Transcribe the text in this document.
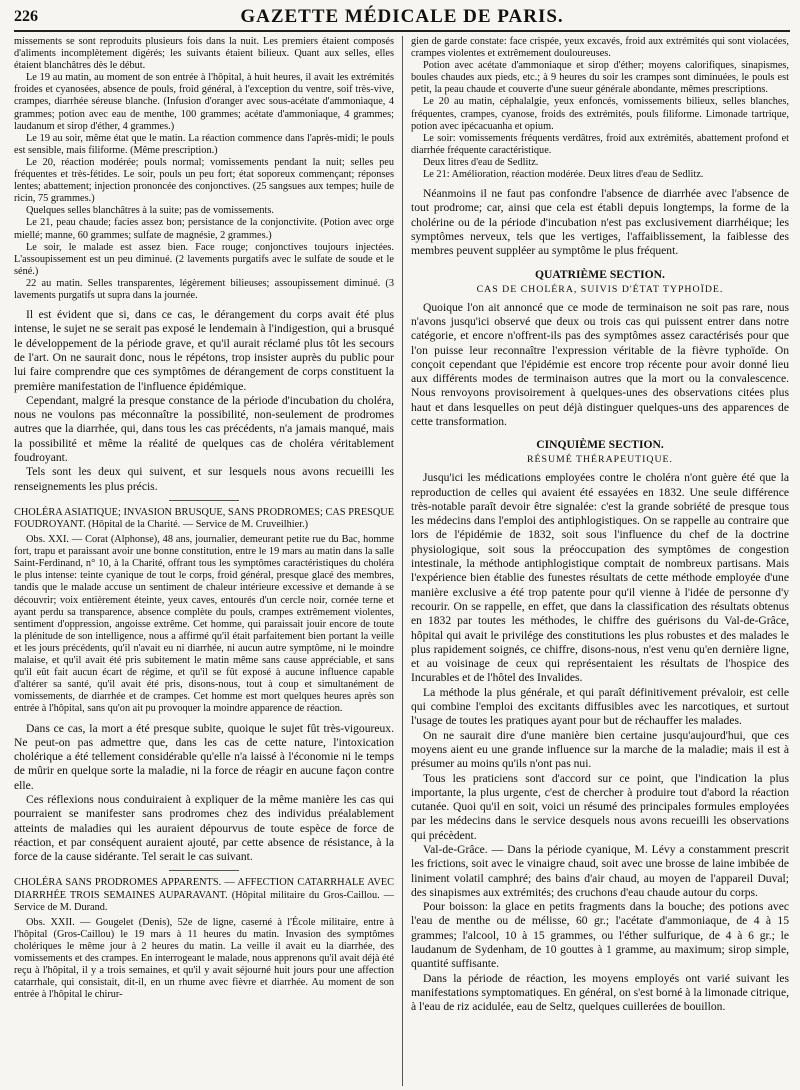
GAZETTE MÉDICALE DE PARIS.
226

missements se sont reproduits plusieurs fois dans la nuit. Les premiers étaient composés d'aliments incomplètement digérés; les suivants étaient bilieux. Quant aux selles, elles étaient blanchâtres dès le début.

Le 19 au matin, au moment de son entrée à l'hôpital, à huit heures, il avait les extrémités froides et cyanosées, absence de pouls, froid général, à l'exception du ventre, soif très-vive, crampes, diarrhée séreuse blanche. (Infusion d'oranger avec sous-acétate d'ammoniaque, 4 grammes; potion avec eau de menthe, 100 grammes; acétate d'ammoniaque, 4 grammes; laudanum et sirop d'éther, 4 grammes.)

Le 19 au soir, même état que le matin. La réaction commence dans l'après-midi; le pouls est sensible, mais filiforme. (Même prescription.)

Le 20, réaction modérée; pouls normal; vomissements pendant la nuit; selles peu fréquentes et très-fétides. Le soir, pouls un peu fort; état soporeux commençant; réponses lentes; abattement; injection prononcée des conjonctives. (25 sangsues aux tempes; huile de ricin, 75 grammes.)

Quelques selles blanchâtres à la suite; pas de vomissements.

Le 21, peau chaude; facies assez bon; persistance de la conjonctivite. (Potion avec orge miellé; manne, 60 grammes; sulfate de magnésie, 2 grammes.)

Le soir, le malade est assez bien. Face rouge; conjonctives toujours injectées. L'assoupissement est un peu diminué. (2 lavements purgatifs avec le sulfate de soude et le séné.)

22 au matin. Selles transparentes, légèrement bilieuses; assoupissement diminué. (3 lavements purgatifs ut supra dans la journée.

Il est évident que si, dans ce cas, le dérangement du corps avait été plus intense, le sujet ne se serait pas exposé le lendemain à l'indigestion, qui a brusqué le développement de la période grave, et qu'il aurait réclamé plus tôt les secours de l'art. On ne saurait donc, nous le répétons, trop insister auprès du public pour lui faire comprendre que ces symptômes de dérangement de corps constituent la première manifestation de l'influence épidémique.

Cependant, malgré la presque constance de la période d'incubation du choléra, nous ne voulons pas méconnaître la possibilité, non-seulement de prodromes autres que la diarrhée, qui, dans tous les cas précédents, n'a jamais manqué, mais la possibilité et même la réalité de quelques cas de choléra véritablement foudroyant.

Tels sont les deux qui suivent, et sur lesquels nous avons recueilli les renseignements les plus précis.

CHOLÉRA ASIATIQUE; INVASION BRUSQUE, SANS PRODROMES; CAS PRESQUE FOUDROYANT. (Hôpital de la Charité. — Service de M. Cruveilhier.)

Obs. XXI. — Corat (Alphonse), 48 ans, journalier, demeurant petite rue du Bac, homme fort, trapu et paraissant avoir une bonne constitution, entre le 19 mars au matin dans la salle Saint-Ferdinand, n° 10, à la Charité, offrant tous les symptômes caractéristiques du choléra le plus intense: teinte cyanique de tout le corps, froid général, presque glacé des membres, tandis que le malade accuse un sentiment de chaleur intérieure excessive et demande à se découvrir; voix entièrement éteinte, yeux caves, entourés d'un cercle noir, cornée terne et ayant perdu sa transparence, absence complète du pouls, crampes extrêmement violentes, sentiment d'oppression, angoisse extrême. Cet homme, qui paraissait jouir encore de toute la plénitude de son intelligence, nous a affirmé qu'il était parfaitement bien portant la veille et les jours précédents, qu'il n'avait eu ni diarrhée, ni aucun autre symptôme, ni le moindre malaise, et qu'il avait été pris subitement le matin même sans cause appréciable, et sans qu'il eût fait aucun écart de régime, et qu'il se fût exposé à aucune influence capable d'altérer sa santé, qu'il avait été pris, disons-nous, tout à coup et simultanément de vomissements, de diarrhée et de crampes. Cet homme est mort quelques heures après son entrée à l'hôpital, sans qu'on ait pu provoquer la moindre apparence de réaction.

Dans ce cas, la mort a été presque subite, quoique le sujet fût très-vigoureux. Ne peut-on pas admettre que, dans les cas de cette nature, l'intoxication cholérique a été tellement considérable qu'elle n'a laissé à l'économie ni le temps de mûrir en quelque sorte la maladie, ni la force de réagir en aucune façon contre elle.

Ces réflexions nous conduiraient à expliquer de la même manière les cas qui pourraient se manifester sans prodromes chez des individus préalablement atteints de maladies qui les auraient dépourvus de toute espèce de force de réaction, et par conséquent auraient ajouté, par cette absence de résistance, à la force de la cause sidérante. Tel serait le cas suivant.

CHOLÉRA SANS PRODROMES APPARENTS. — AFFECTION CATARRHALE AVEC DIARRHÉE TROIS SEMAINES AUPARAVANT. (Hôpital militaire du Gros-Caillou. — Service de M. Durand.

Obs. XXII. — Gougelet (Denis), 52e de ligne, caserné à l'École militaire, entre à l'hôpital (Gros-Caillou) le 19 mars à 11 heures du matin. Invasion des symptômes cholériques le même jour à 2 heures du matin. La veille il avait eu la diarrhée, des vomissements et des crampes. En interrogeant le malade, nous apprenons qu'il avait déjà été reçu à l'hôpital, il y a trois semaines, et qu'il y avait séjourné huit jours pour une affection catarrhale, qui consistait, dit-il, en un rhume avec fièvre et diarrhée. Au moment de son entrée à l'hôpital le chirur-

gien de garde constate: face crispée, yeux excavés, froid aux extrémités qui sont violacées, crampes violentes et extrêmement douloureuses.

Potion avec acétate d'ammoniaque et sirop d'éther; moyens calorifiques, sinapismes, boules chaudes aux pieds, etc.; à 9 heures du soir les crampes sont diminuées, le pouls est petit, la peau chaude et couverte d'une sueur générale abondante, mêmes prescriptions.

Le 20 au matin, céphalalgie, yeux enfoncés, vomissements bilieux, selles blanches, fréquentes, crampes, cyanose, froids des extrémités, pouls filiforme. Limonade tartrique, potion avec ipécacuanha et opium.

Le soir: vomissements fréquents verdâtres, froid aux extrémités, abattement profond et diarrhée fréquente caractéristique.

Deux litres d'eau de Sedlitz.

Le 21: Amélioration, réaction modérée. Deux litres d'eau de Sedlitz.

Néanmoins il ne faut pas confondre l'absence de diarrhée avec l'absence de tout prodrome; car, ainsi que cela est établi depuis longtemps, la forme de la cholérine ou de la période d'incubation n'est pas exclusivement diarrhéique; les symptômes nerveux, tels que les vertiges, l'affaiblissement, la faiblesse des membres peuvent suppléer au symptôme le plus fréquent.

QUATRIÈME SECTION.

CAS DE CHOLÉRA, SUIVIS D'ÉTAT TYPHOÏDE.

Quoique l'on ait annoncé que ce mode de terminaison ne soit pas rare, nous n'avons jusqu'ici observé que deux ou trois cas qui puissent entrer dans notre catégorie, et encore n'offrent-ils pas des symptômes assez caractérisés pour que l'on puisse leur reconnaître l'expression véritable de la fièvre typhoïde. On conçoit cependant que l'épidémie est encore trop récente pour avoir donné lieu aux différents modes de terminaison autres que la mort ou la convalescence. Nous renvoyons provisoirement à quelques-unes des observations citées plus haut et dans lesquelles on peut déjà distinguer quelques-uns des apparences de cette transformation.

CINQUIÈME SECTION.

RÉSUMÉ THÉRAPEUTIQUE.

Jusqu'ici les médications employées contre le choléra n'ont guère été que la reproduction de celles qui avaient été essayées en 1832. Une seule différence très-notable paraît devoir être signalée: c'est la grande sobriété de presque tous les médecins dans l'emploi des antiphlogistiques. On se rappelle au contraire que lors de l'épidémie de 1832, soit sous l'influence du chef de la doctrine physiologique, soit sous la préoccupation des symptômes de congestion intestinale, la méthode antiphlogistique comptait de nombreux partisans. Mais l'expérience bien établie des funestes résultats de cette méthode employée d'une manière exclusive a été trop patente pour qu'il vienne à l'idée de personne d'y recourir. On se rappelle, en effet, que dans la classification des résultats obtenus en 1832 par toutes les méthodes, le chiffre des guérisons du Val-de-Grâce, hôpital qui avait le privilége des constitutions les plus robustes et des malades le plus rapidement soignés, ce chiffre, disons-nous, n'est venu qu'en dernière ligne, et au voisinage de ceux qui représentaient les résultats de l'hospice des Incurables et de l'hôtel des Invalides.

La méthode la plus générale, et qui paraît définitivement prévaloir, est celle qui combine l'emploi des excitants diffusibles avec les narcotiques, et surtout l'usage de toutes les pratiques ayant pour but de réchauffer les malades.

On ne saurait dire d'une manière bien certaine jusqu'aujourd'hui, que ces moyens aient eu une grande influence sur la marche de la maladie; mais il est à présumer au moins qu'ils n'ont pas nui.

Tous les praticiens sont d'accord sur ce point, que l'indication la plus importante, la plus urgente, c'est de chercher à produire tout d'abord la réaction cutanée. Quoi qu'il en soit, voici un résumé des principales formules employées par les médecins dans le service desquels nous avons recueilli les observations qui précèdent.

Val-de-Grâce. — Dans la période cyanique, M. Lévy a constamment prescrit les frictions, soit avec le vinaigre chaud, soit avec une brosse de laine imbibée de liniment volatil camphré; des bains d'air chaud, au moyen de l'appareil Duval; des sinapismes aux extrémités; des cruchons d'eau chaude autour du corps.

Pour boisson: la glace en petits fragments dans la bouche; des potions avec l'eau de menthe ou de mélisse, 60 gr.; l'acétate d'ammoniaque, de 4 à 15 grammes; l'alcool, 10 à 15 grammes, ou l'éther sulfurique, de 4 à 6 gr.; le laudanum de Sydenham, de 10 gouttes à 1 gramme, au maximum; sirop simple, quantité suffisante.

Dans la période de réaction, les moyens employés ont varié suivant les manifestations symptomatiques. En général, on s'est borné à la limonade citrique, à l'eau de riz acidulée, eau de Seltz, quelques cuillerées de bouillon.
